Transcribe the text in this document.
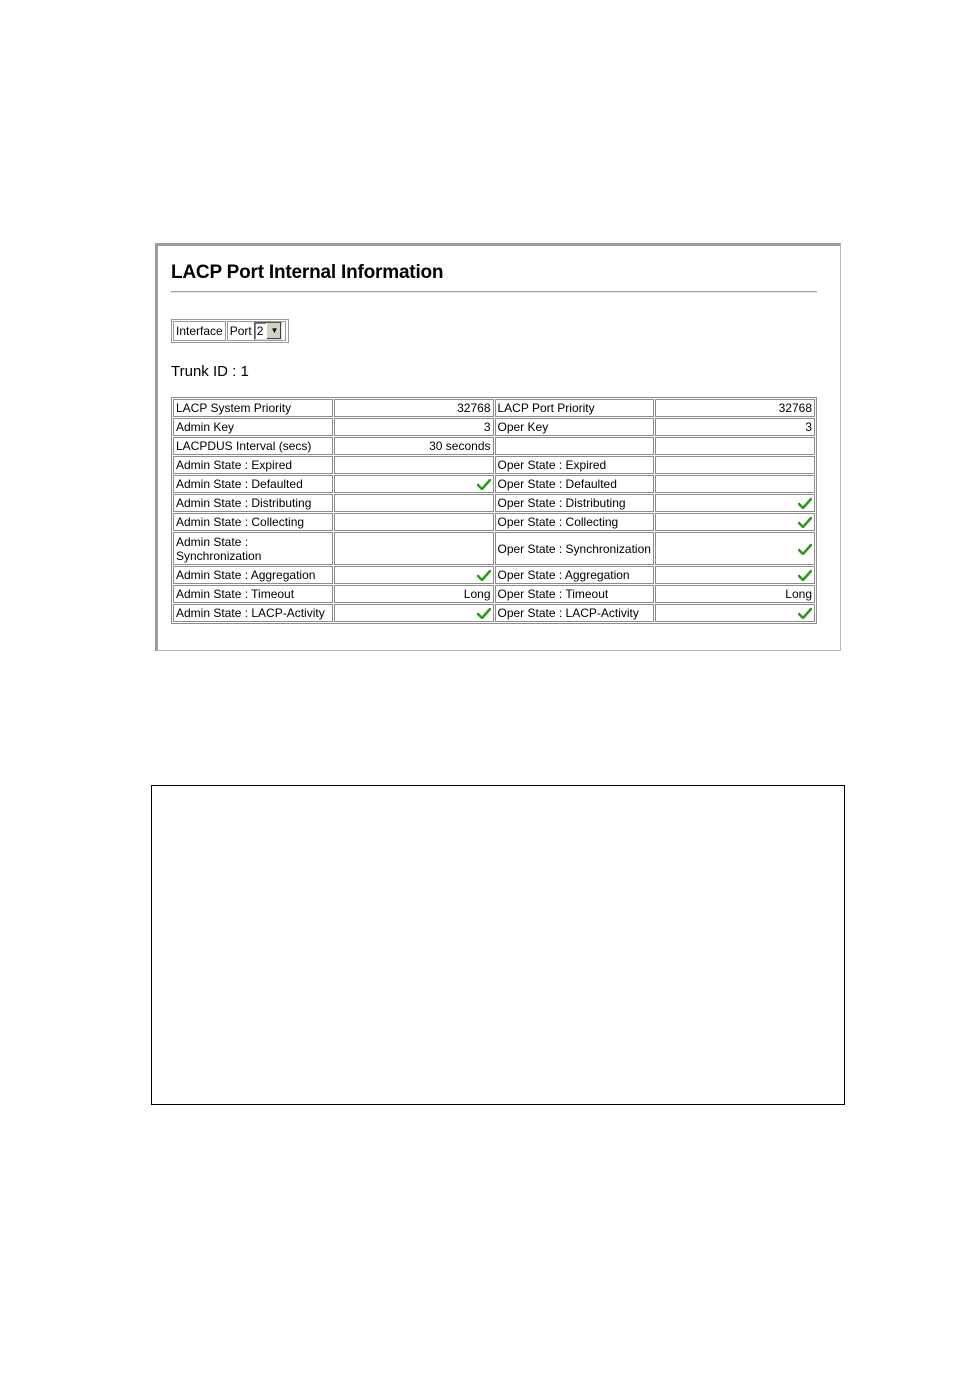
LACP Port Internal Information
Interface Port 2 ▼
Trunk ID : 1
LACP System Priority	32768	LACP Port Priority	32768
Admin Key	3	Oper Key	3
LACPDUS Interval (secs)	30 seconds		
Admin State : Expired		Oper State : Expired	
Admin State : Defaulted		Oper State : Defaulted	
Admin State : Distributing		Oper State : Distributing	
Admin State : Collecting		Oper State : Collecting	
Admin State : Synchronization		Oper State : Synchronization	
Admin State : Aggregation		Oper State : Aggregation	
Admin State : Timeout	Long	Oper State : Timeout	Long
Admin State : LACP-Activity		Oper State : LACP-Activity	
